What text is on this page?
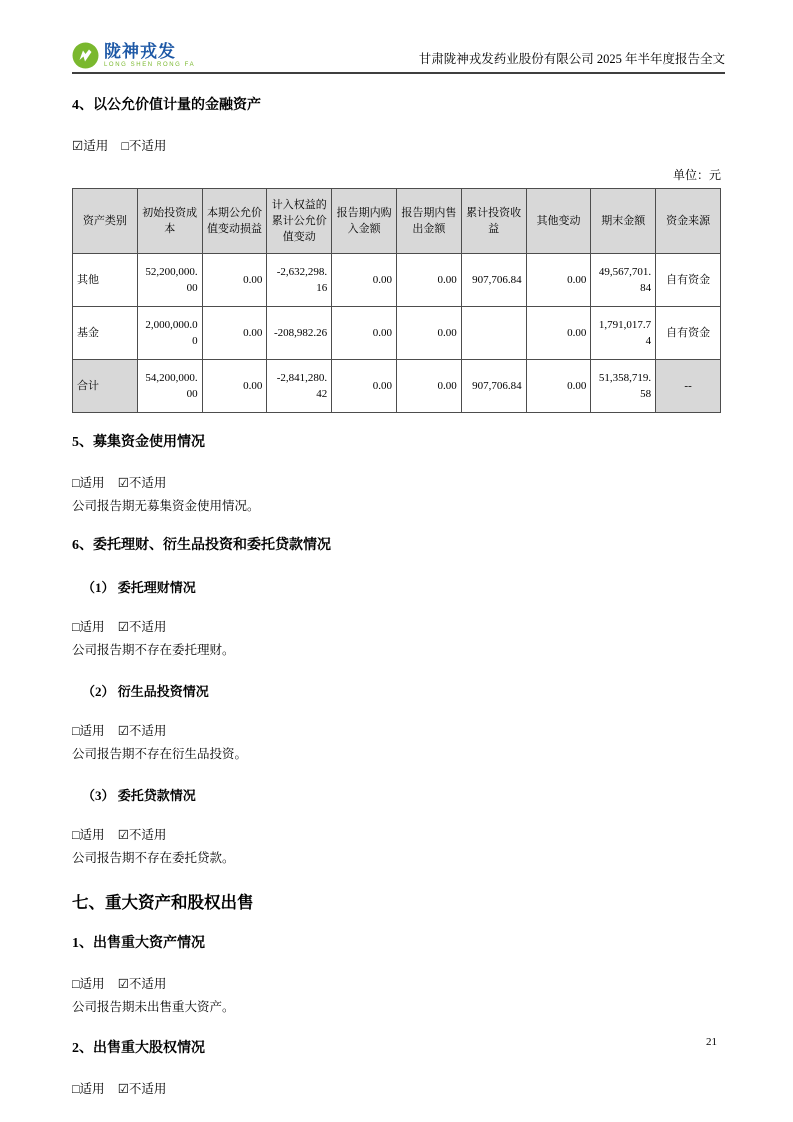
陇神戎发
LONG SHEN RONG FA	甘肃陇神戎发药业股份有限公司 2025 年半年度报告全文
4、以公允价值计量的金融资产
☑适用 □不适用
单位：元
资产类别	初始投资成本	本期公允价值变动损益	计入权益的累计公允价值变动	报告期内购入金额	报告期内售出金额	累计投资收益	其他变动	期末金额	资金来源
其他	52,200,000.00	0.00	-2,632,298.16	0.00	0.00	907,706.84	0.00	49,567,701.84	自有资金
基金	2,000,000.00	0.00	-208,982.26	0.00	0.00		0.00	1,791,017.74	自有资金
合计	54,200,000.00	0.00	-2,841,280.42	0.00	0.00	907,706.84	0.00	51,358,719.58	--
5、募集资金使用情况
□适用 ☑不适用

公司报告期无募集资金使用情况。

6、委托理财、衍生品投资和委托贷款情况
（1） 委托理财情况
□适用 ☑不适用

公司报告期不存在委托理财。

（2） 衍生品投资情况
□适用 ☑不适用

公司报告期不存在衍生品投资。

（3） 委托贷款情况
□适用 ☑不适用

公司报告期不存在委托贷款。

七、重大资产和股权出售
1、出售重大资产情况
□适用 ☑不适用

公司报告期未出售重大资产。

2、出售重大股权情况
□适用 ☑不适用
21
